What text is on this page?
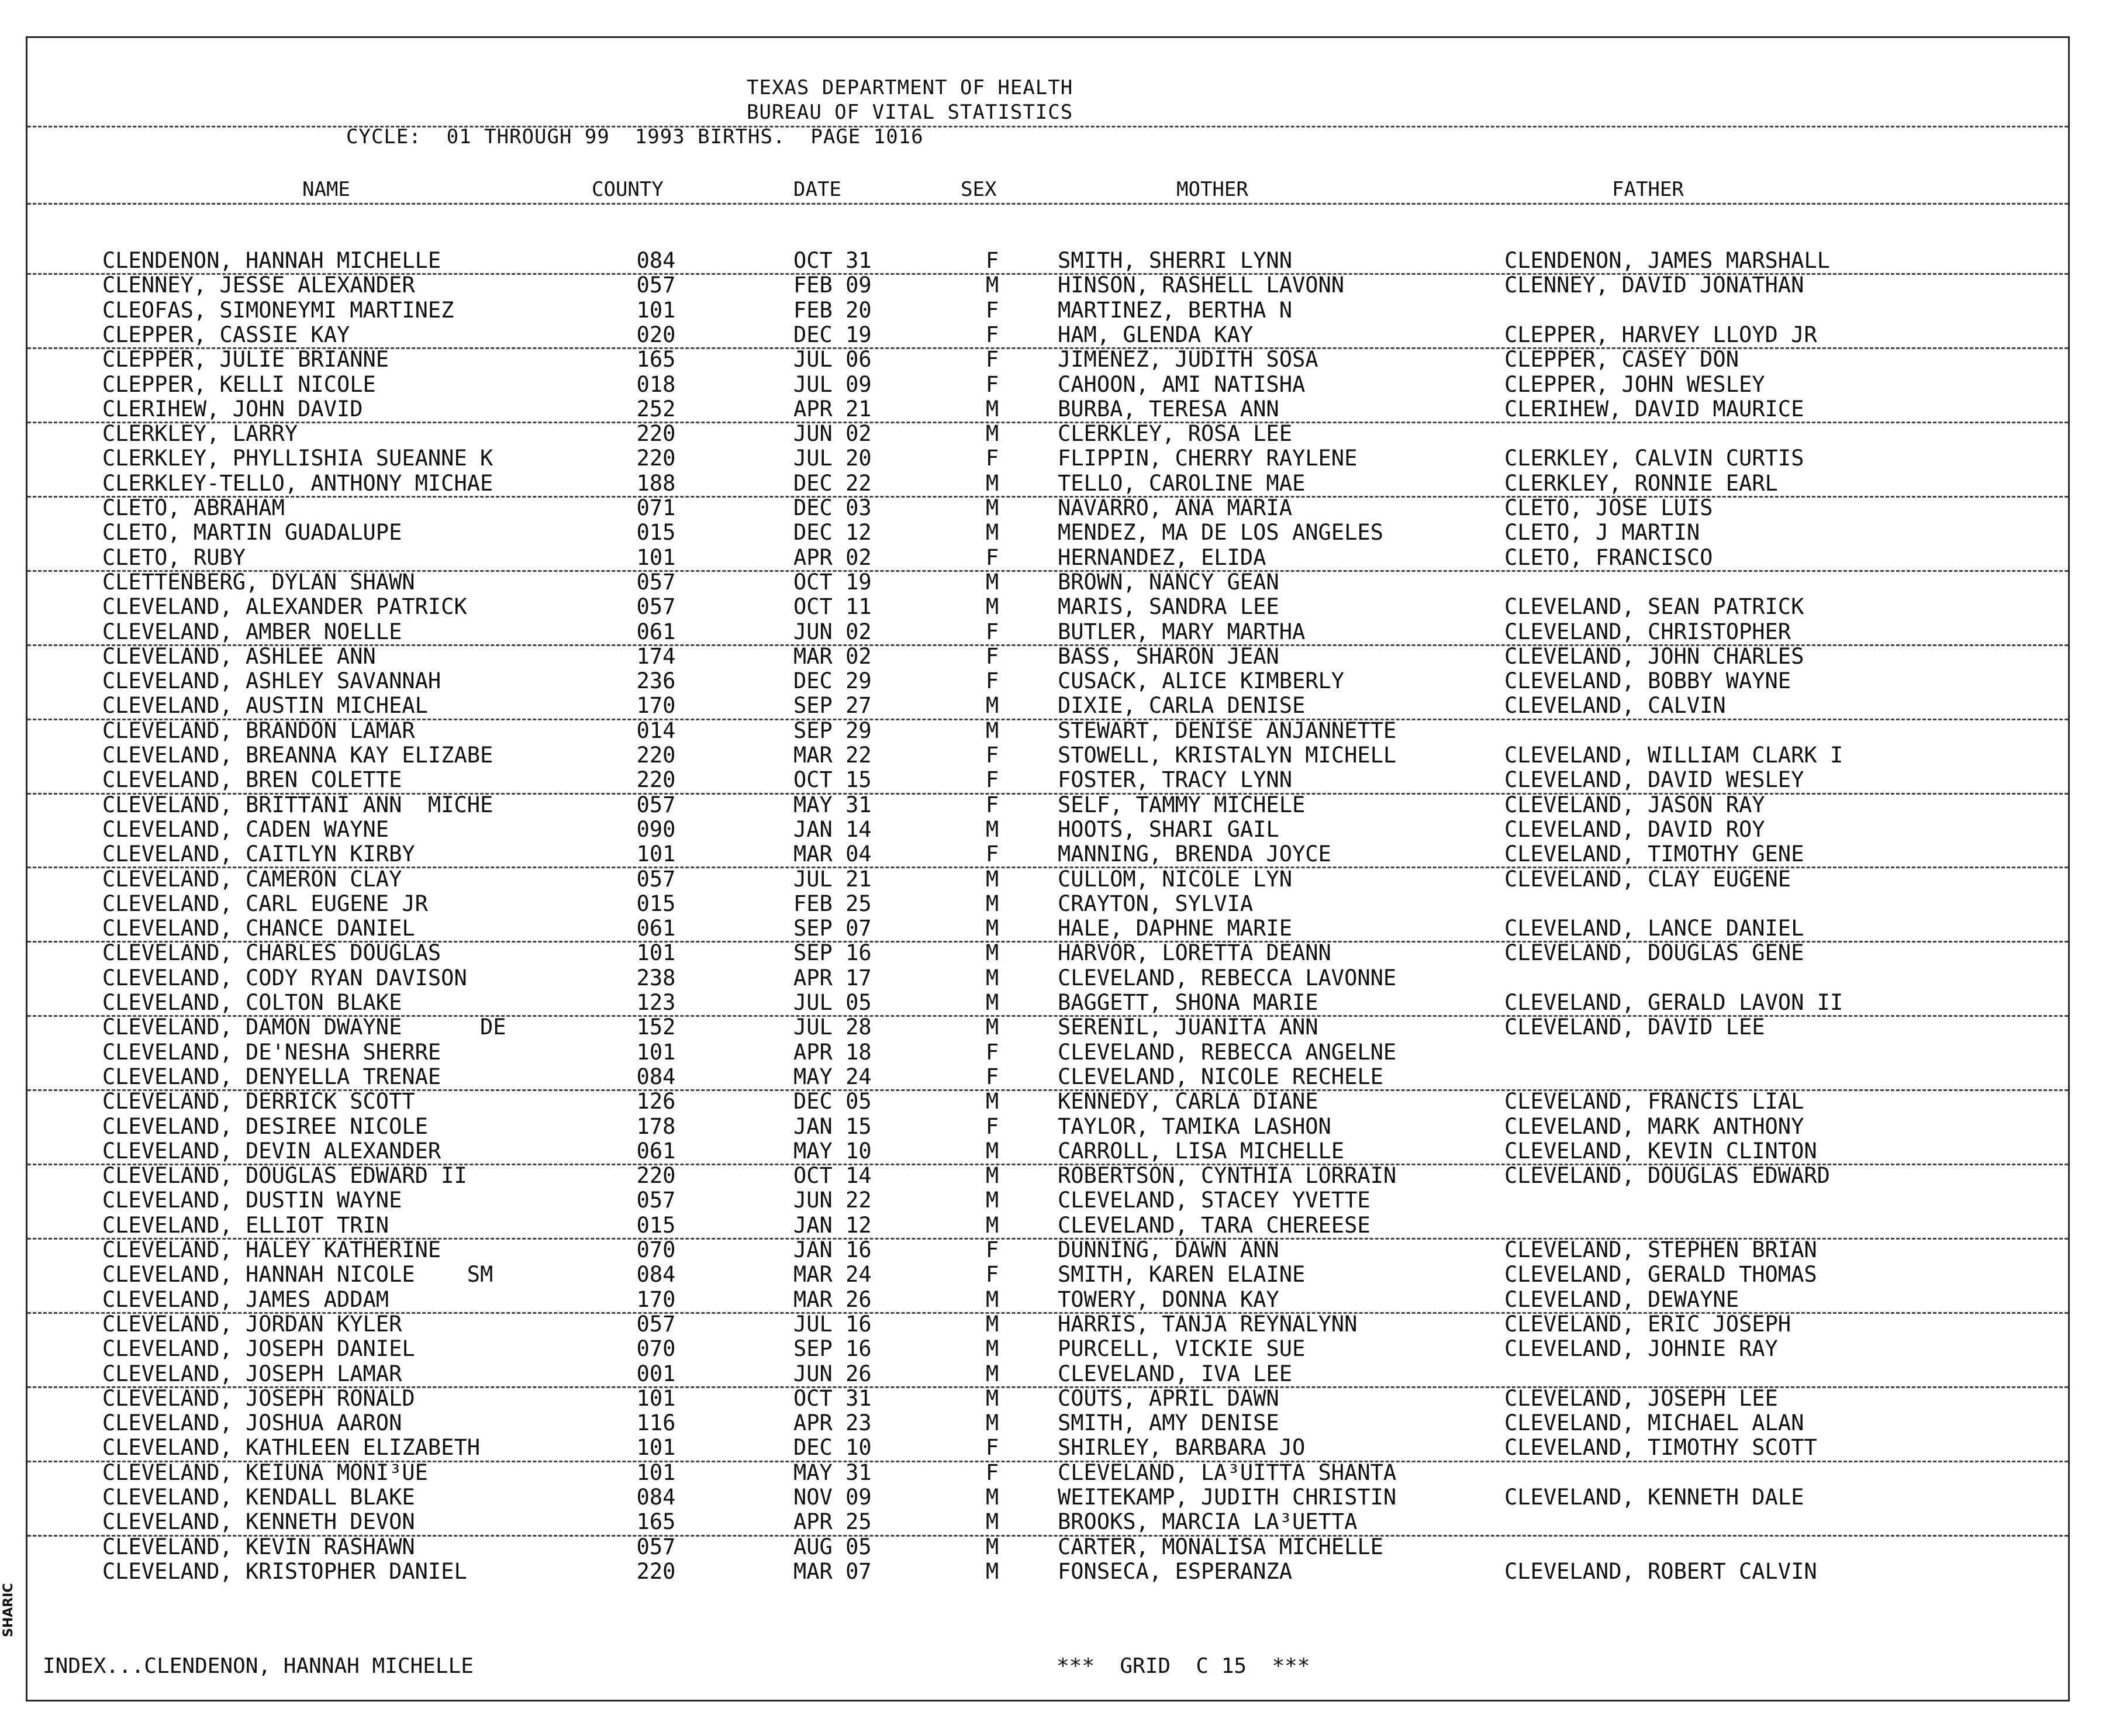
TEXAS DEPARTMENT OF HEALTH
BUREAU OF VITAL STATISTICS
CYCLE:  01 THROUGH 99  1993 BIRTHS.  PAGE 1016
NAME	COUNTY	DATE	SEX	MOTHER	FATHER
CLENDENON, HANNAH MICHELLE	084	OCT 31	F	SMITH, SHERRI LYNN	CLENDENON, JAMES MARSHALL
CLENNEY, JESSE ALEXANDER	057	FEB 09	M	HINSON, RASHELL LAVONN	CLENNEY, DAVID JONATHAN
CLEOFAS, SIMONEYMI MARTINEZ	101	FEB 20	F	MARTINEZ, BERTHA N
CLEPPER, CASSIE KAY	020	DEC 19	F	HAM, GLENDA KAY	CLEPPER, HARVEY LLOYD JR
CLEPPER, JULIE BRIANNE	165	JUL 06	F	JIMENEZ, JUDITH SOSA	CLEPPER, CASEY DON
CLEPPER, KELLI NICOLE	018	JUL 09	F	CAHOON, AMI NATISHA	CLEPPER, JOHN WESLEY
CLERIHEW, JOHN DAVID	252	APR 21	M	BURBA, TERESA ANN	CLERIHEW, DAVID MAURICE
CLERKLEY, LARRY	220	JUN 02	M	CLERKLEY, ROSA LEE
CLERKLEY, PHYLLISHIA SUEANNE K	220	JUL 20	F	FLIPPIN, CHERRY RAYLENE	CLERKLEY, CALVIN CURTIS
CLERKLEY-TELLO, ANTHONY MICHAE	188	DEC 22	M	TELLO, CAROLINE MAE	CLERKLEY, RONNIE EARL
CLETO, ABRAHAM	071	DEC 03	M	NAVARRO, ANA MARIA	CLETO, JOSE LUIS
CLETO, MARTIN GUADALUPE	015	DEC 12	M	MENDEZ, MA DE LOS ANGELES	CLETO, J MARTIN
CLETO, RUBY	101	APR 02	F	HERNANDEZ, ELIDA	CLETO, FRANCISCO
CLETTENBERG, DYLAN SHAWN	057	OCT 19	M	BROWN, NANCY GEAN
CLEVELAND, ALEXANDER PATRICK	057	OCT 11	M	MARIS, SANDRA LEE	CLEVELAND, SEAN PATRICK
CLEVELAND, AMBER NOELLE	061	JUN 02	F	BUTLER, MARY MARTHA	CLEVELAND, CHRISTOPHER
CLEVELAND, ASHLEE ANN	174	MAR 02	F	BASS, SHARON JEAN	CLEVELAND, JOHN CHARLES
CLEVELAND, ASHLEY SAVANNAH	236	DEC 29	F	CUSACK, ALICE KIMBERLY	CLEVELAND, BOBBY WAYNE
CLEVELAND, AUSTIN MICHEAL	170	SEP 27	M	DIXIE, CARLA DENISE	CLEVELAND, CALVIN
CLEVELAND, BRANDON LAMAR	014	SEP 29	M	STEWART, DENISE ANJANNETTE
CLEVELAND, BREANNA KAY ELIZABE	220	MAR 22	F	STOWELL, KRISTALYN MICHELL	CLEVELAND, WILLIAM CLARK I
CLEVELAND, BREN COLETTE	220	OCT 15	F	FOSTER, TRACY LYNN	CLEVELAND, DAVID WESLEY
CLEVELAND, BRITTANI ANN  MICHE	057	MAY 31	F	SELF, TAMMY MICHELE	CLEVELAND, JASON RAY
CLEVELAND, CADEN WAYNE	090	JAN 14	M	HOOTS, SHARI GAIL	CLEVELAND, DAVID ROY
CLEVELAND, CAITLYN KIRBY	101	MAR 04	F	MANNING, BRENDA JOYCE	CLEVELAND, TIMOTHY GENE
CLEVELAND, CAMERON CLAY	057	JUL 21	M	CULLOM, NICOLE LYN	CLEVELAND, CLAY EUGENE
CLEVELAND, CARL EUGENE JR	015	FEB 25	M	CRAYTON, SYLVIA
CLEVELAND, CHANCE DANIEL	061	SEP 07	M	HALE, DAPHNE MARIE	CLEVELAND, LANCE DANIEL
CLEVELAND, CHARLES DOUGLAS	101	SEP 16	M	HARVOR, LORETTA DEANN	CLEVELAND, DOUGLAS GENE
CLEVELAND, CODY RYAN DAVISON	238	APR 17	M	CLEVELAND, REBECCA LAVONNE
CLEVELAND, COLTON BLAKE	123	JUL 05	M	BAGGETT, SHONA MARIE	CLEVELAND, GERALD LAVON II
CLEVELAND, DAMON DWAYNE      DE	152	JUL 28	M	SERENIL, JUANITA ANN	CLEVELAND, DAVID LEE
CLEVELAND, DE'NESHA SHERRE	101	APR 18	F	CLEVELAND, REBECCA ANGELNE
CLEVELAND, DENYELLA TRENAE	084	MAY 24	F	CLEVELAND, NICOLE RECHELE
CLEVELAND, DERRICK SCOTT	126	DEC 05	M	KENNEDY, CARLA DIANE	CLEVELAND, FRANCIS LIAL
CLEVELAND, DESIREE NICOLE	178	JAN 15	F	TAYLOR, TAMIKA LASHON	CLEVELAND, MARK ANTHONY
CLEVELAND, DEVIN ALEXANDER	061	MAY 10	M	CARROLL, LISA MICHELLE	CLEVELAND, KEVIN CLINTON
CLEVELAND, DOUGLAS EDWARD II	220	OCT 14	M	ROBERTSON, CYNTHIA LORRAIN	CLEVELAND, DOUGLAS EDWARD
CLEVELAND, DUSTIN WAYNE	057	JUN 22	M	CLEVELAND, STACEY YVETTE
CLEVELAND, ELLIOT TRIN	015	JAN 12	M	CLEVELAND, TARA CHEREESE
CLEVELAND, HALEY KATHERINE	070	JAN 16	F	DUNNING, DAWN ANN	CLEVELAND, STEPHEN BRIAN
CLEVELAND, HANNAH NICOLE    SM	084	MAR 24	F	SMITH, KAREN ELAINE	CLEVELAND, GERALD THOMAS
CLEVELAND, JAMES ADDAM	170	MAR 26	M	TOWERY, DONNA KAY	CLEVELAND, DEWAYNE
CLEVELAND, JORDAN KYLER	057	JUL 16	M	HARRIS, TANJA REYNALYNN	CLEVELAND, ERIC JOSEPH
CLEVELAND, JOSEPH DANIEL	070	SEP 16	M	PURCELL, VICKIE SUE	CLEVELAND, JOHNIE RAY
CLEVELAND, JOSEPH LAMAR	001	JUN 26	M	CLEVELAND, IVA LEE
CLEVELAND, JOSEPH RONALD	101	OCT 31	M	COUTS, APRIL DAWN	CLEVELAND, JOSEPH LEE
CLEVELAND, JOSHUA AARON	116	APR 23	M	SMITH, AMY DENISE	CLEVELAND, MICHAEL ALAN
CLEVELAND, KATHLEEN ELIZABETH	101	DEC 10	F	SHIRLEY, BARBARA JO	CLEVELAND, TIMOTHY SCOTT
CLEVELAND, KEIUNA MONI³UE	101	MAY 31	F	CLEVELAND, LA³UITTA SHANTA
CLEVELAND, KENDALL BLAKE	084	NOV 09	M	WEITEKAMP, JUDITH CHRISTIN	CLEVELAND, KENNETH DALE
CLEVELAND, KENNETH DEVON	165	APR 25	M	BROOKS, MARCIA LA³UETTA
CLEVELAND, KEVIN RASHAWN	057	AUG 05	M	CARTER, MONALISA MICHELLE
CLEVELAND, KRISTOPHER DANIEL	220	MAR 07	M	FONSECA, ESPERANZA	CLEVELAND, ROBERT CALVIN
INDEX...CLENDENON, HANNAH MICHELLE	***  GRID  C 15  ***
SHARIC
